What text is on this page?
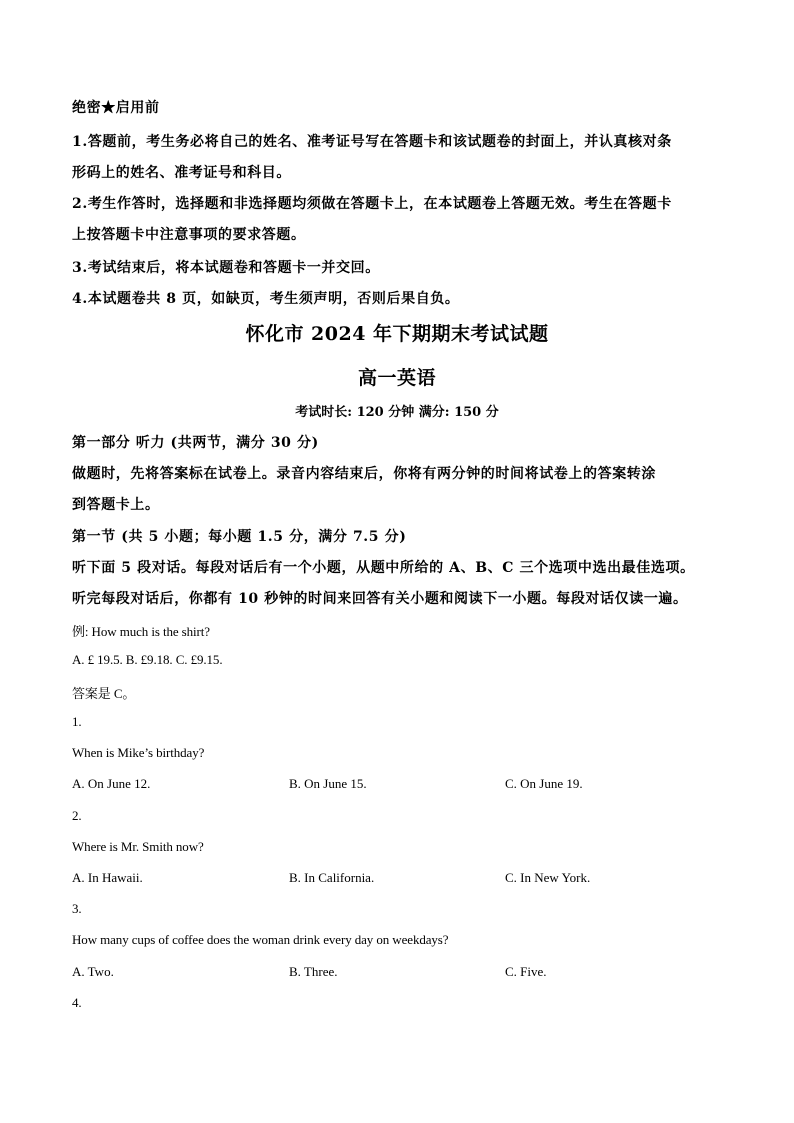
绝密★启用前
1.答题前，考生务必将自己的姓名、准考证号写在答题卡和该试题卷的封面上，并认真核对条
形码上的姓名、准考证号和科目。
2.考生作答时，选择题和非选择题均须做在答题卡上，在本试题卷上答题无效。考生在答题卡
上按答题卡中注意事项的要求答题。
3.考试结束后，将本试题卷和答题卡一并交回。
4.本试题卷共 8 页，如缺页，考生须声明，否则后果自负。
怀化市 2024 年下期期末考试试题
高一英语
考试时长: 120 分钟 满分: 150 分
第一部分 听力 (共两节，满分 30 分)
做题时，先将答案标在试卷上。录音内容结束后，你将有两分钟的时间将试卷上的答案转涂
到答题卡上。
第一节 (共 5 小题；每小题 1.5 分，满分 7.5 分)
听下面 5 段对话。每段对话后有一个小题，从题中所给的 A、B、C 三个选项中选出最佳选项。
听完每段对话后，你都有 10 秒钟的时间来回答有关小题和阅读下一小题。每段对话仅读一遍。
例: How much is the shirt?
A. £ 19.5. B. £9.18. C. £9.15.
答案是 C。
1.
When is Mike’s birthday?
A. On June 12.	B. On June 15.	C. On June 19.
2.
Where is Mr. Smith now?
A. In Hawaii.	B. In California.	C. In New York.
3.
How many cups of coffee does the woman drink every day on weekdays?
A. Two.	B. Three.	C. Five.
4.
